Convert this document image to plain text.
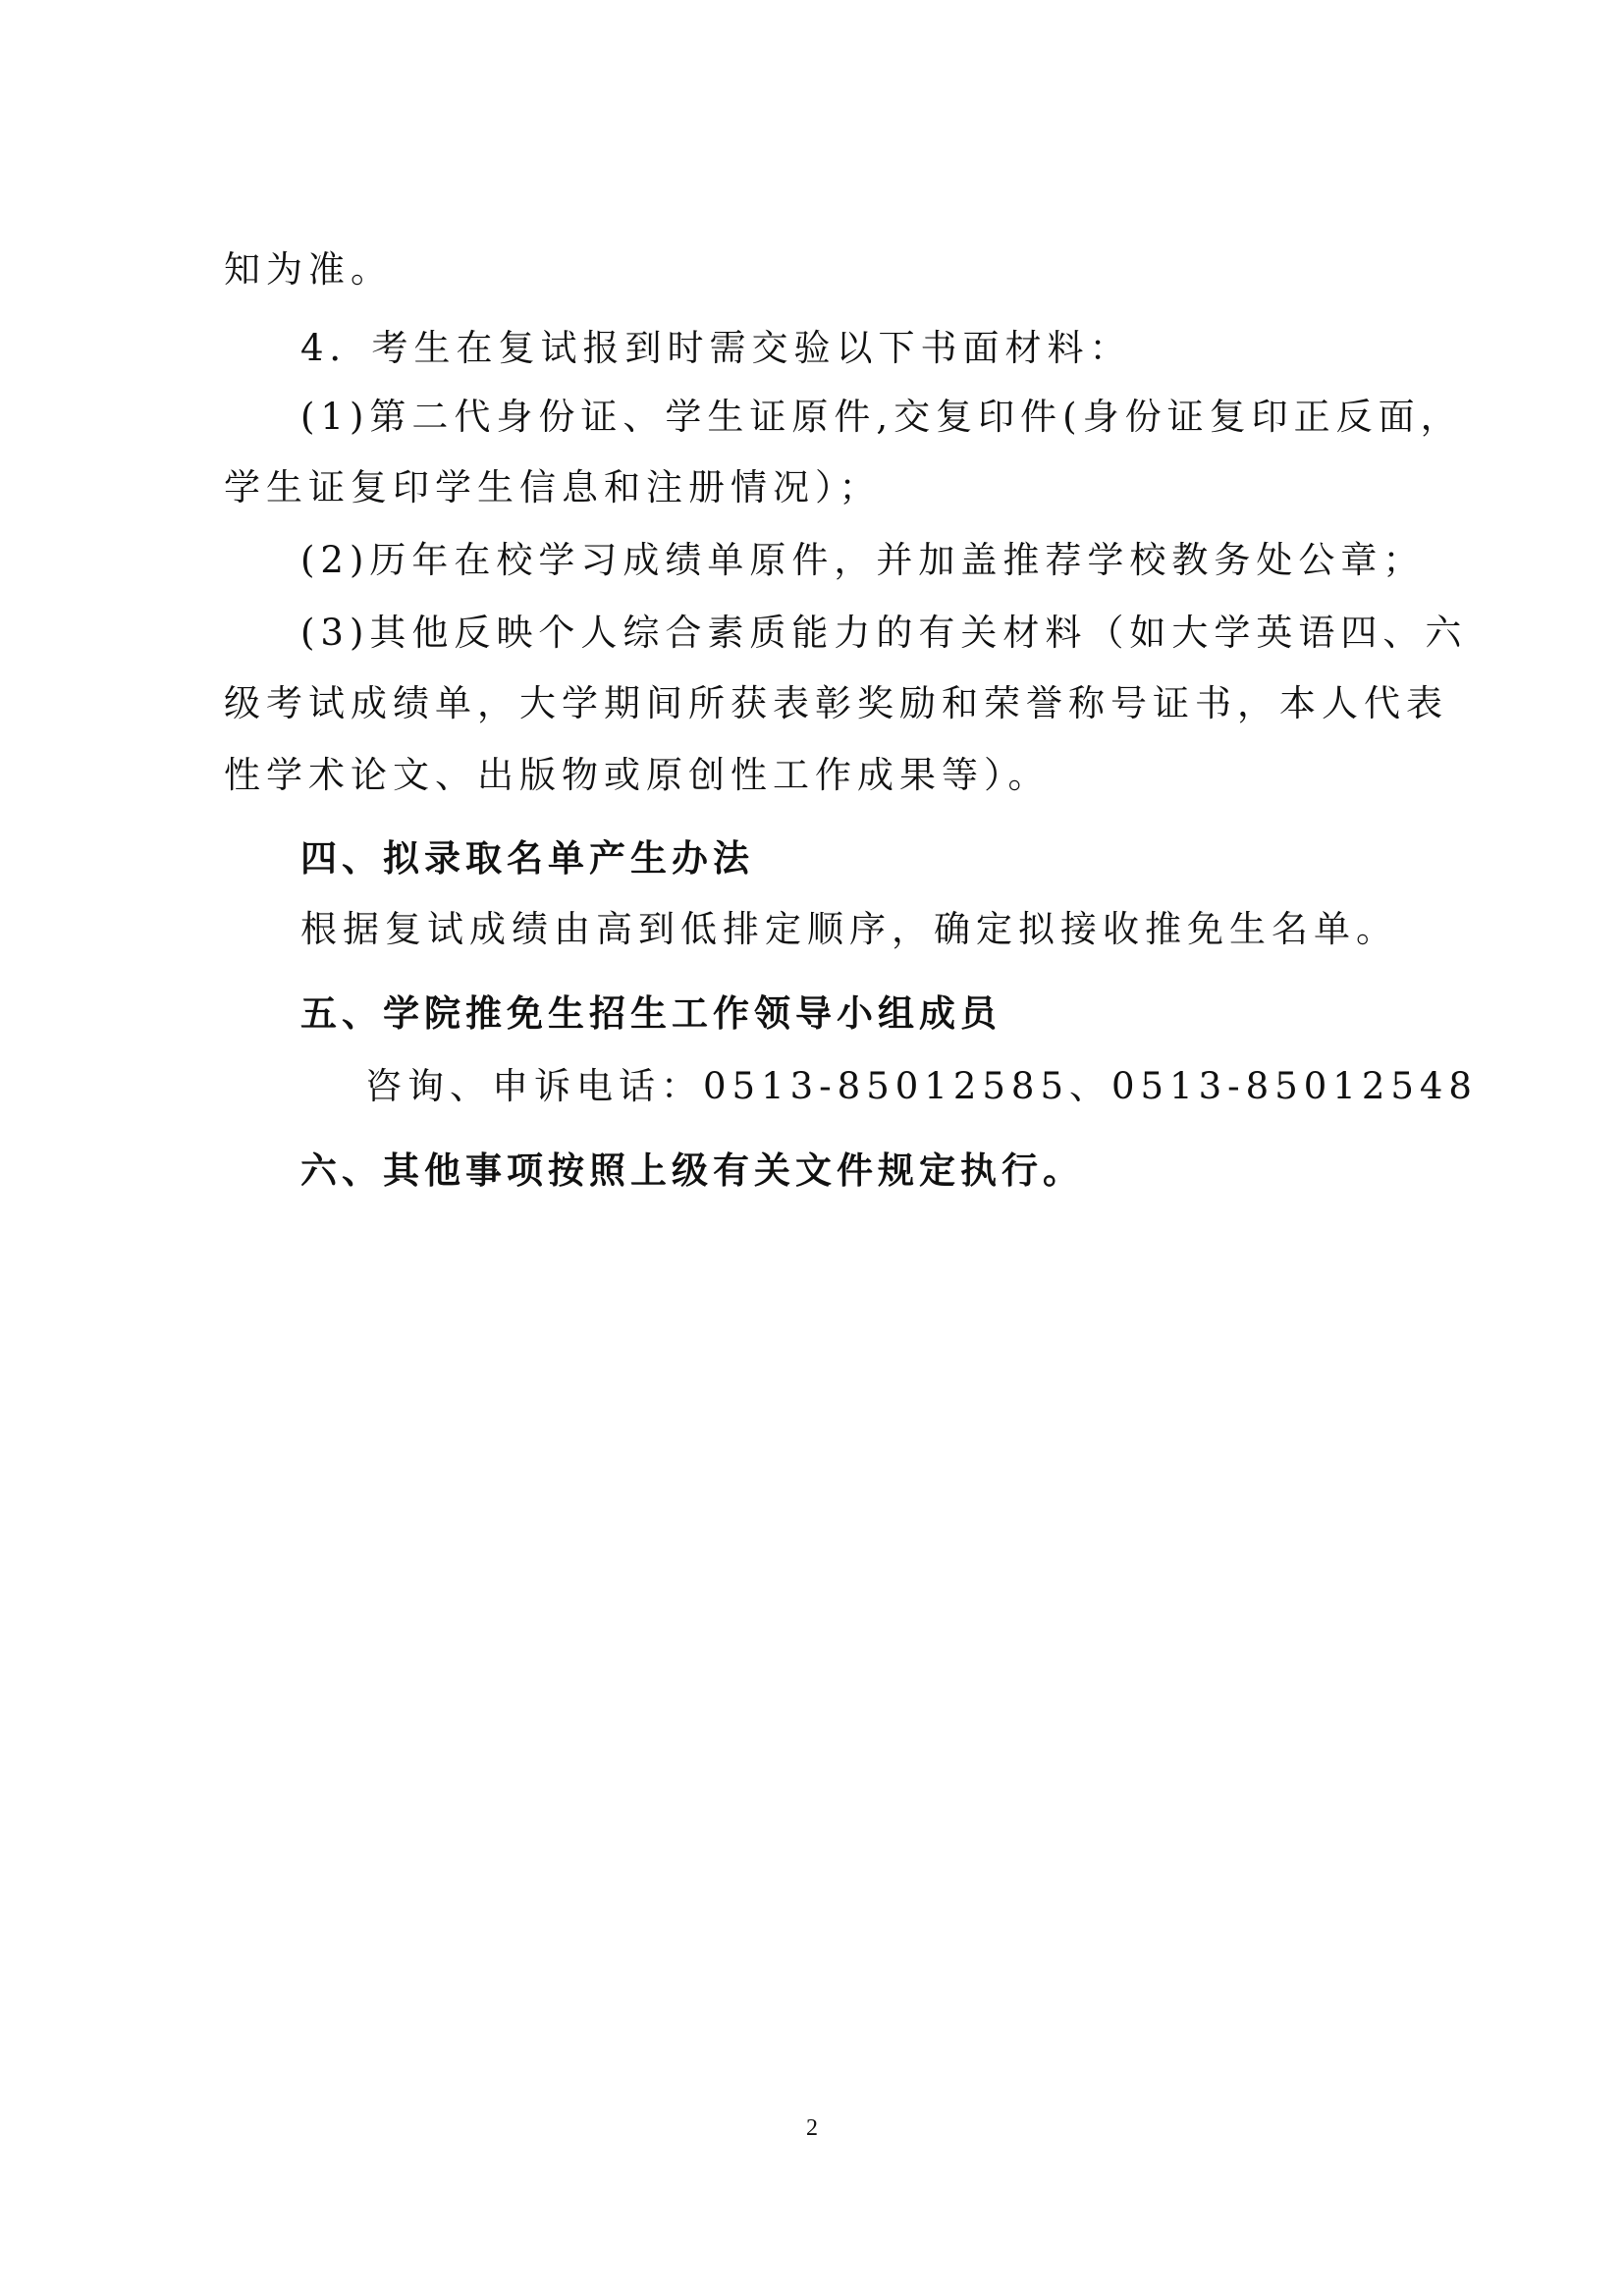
知为准。
4．考生在复试报到时需交验以下书面材料：
(1)第二代身份证、学生证原件,交复印件(身份证复印正反面，
学生证复印学生信息和注册情况）；
(2)历年在校学习成绩单原件，并加盖推荐学校教务处公章；
(3)其他反映个人综合素质能力的有关材料（如大学英语四、六
级考试成绩单，大学期间所获表彰奖励和荣誉称号证书，本人代表
性学术论文、出版物或原创性工作成果等）。
四、拟录取名单产生办法
根据复试成绩由高到低排定顺序，确定拟接收推免生名单。
五、学院推免生招生工作领导小组成员
咨询、申诉电话：0513-85012585、0513-85012548
六、其他事项按照上级有关文件规定执行。
2
